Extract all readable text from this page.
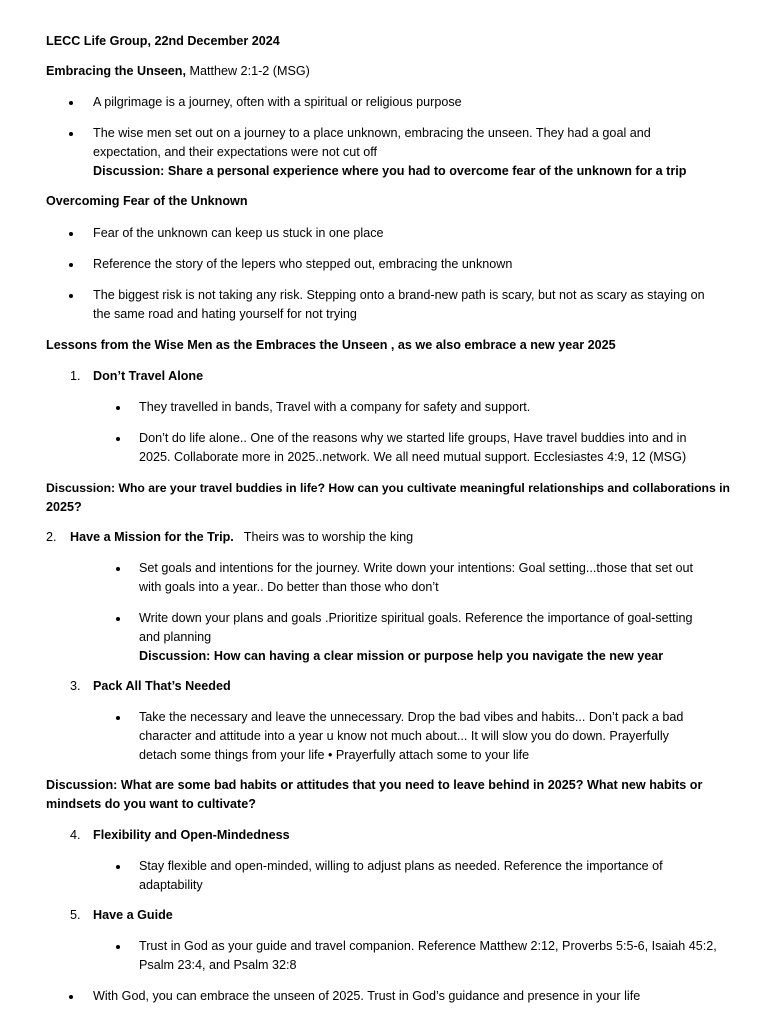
LECC Life Group, 22nd December 2024
Embracing the Unseen, Matthew 2:1-2 (MSG)
A pilgrimage is a journey, often with a spiritual or religious purpose
The wise men set out on a journey to a place unknown, embracing the unseen. They had a goal and
expectation, and their expectations were not cut off
Discussion: Share a personal experience where you had to overcome fear of the unknown for a trip
Overcoming Fear of the Unknown
Fear of the unknown can keep us stuck in one place
Reference the story of the lepers who stepped out, embracing the unknown
The biggest risk is not taking any risk. Stepping onto a brand-new path is scary, but not as scary as staying on
the same road and hating yourself for not trying
Lessons from the Wise Men as the Embraces the Unseen , as we also embrace a new year 2025
1. Don’t Travel Alone
They travelled in bands, Travel with a company for safety and support.
Don’t do life alone.. One of the reasons why we started life groups, Have travel buddies into and in
2025. Collaborate more in 2025..network. We all need mutual support. Ecclesiastes 4:9, 12 (MSG)
Discussion: Who are your travel buddies in life? How can you cultivate meaningful relationships and collaborations in
2025?
2. Have a Mission for the Trip. Theirs was to worship the king
Set goals and intentions for the journey. Write down your intentions: Goal setting...those that set out
with goals into a year.. Do better than those who don’t
Write down your plans and goals .Prioritize spiritual goals. Reference the importance of goal-setting
and planning
Discussion: How can having a clear mission or purpose help you navigate the new year
3. Pack All That’s Needed
Take the necessary and leave the unnecessary. Drop the bad vibes and habits... Don’t pack a bad
character and attitude into a year u know not much about... It will slow you do down. Prayerfully
detach some things from your life • Prayerfully attach some to your life
Discussion: What are some bad habits or attitudes that you need to leave behind in 2025? What new habits or
mindsets do you want to cultivate?
4. Flexibility and Open-Mindedness
Stay flexible and open-minded, willing to adjust plans as needed. Reference the importance of
adaptability
5. Have a Guide
Trust in God as your guide and travel companion. Reference Matthew 2:12, Proverbs 5:5-6, Isaiah 45:2,
Psalm 23:4, and Psalm 32:8
With God, you can embrace the unseen of 2025. Trust in God’s guidance and presence in your life
